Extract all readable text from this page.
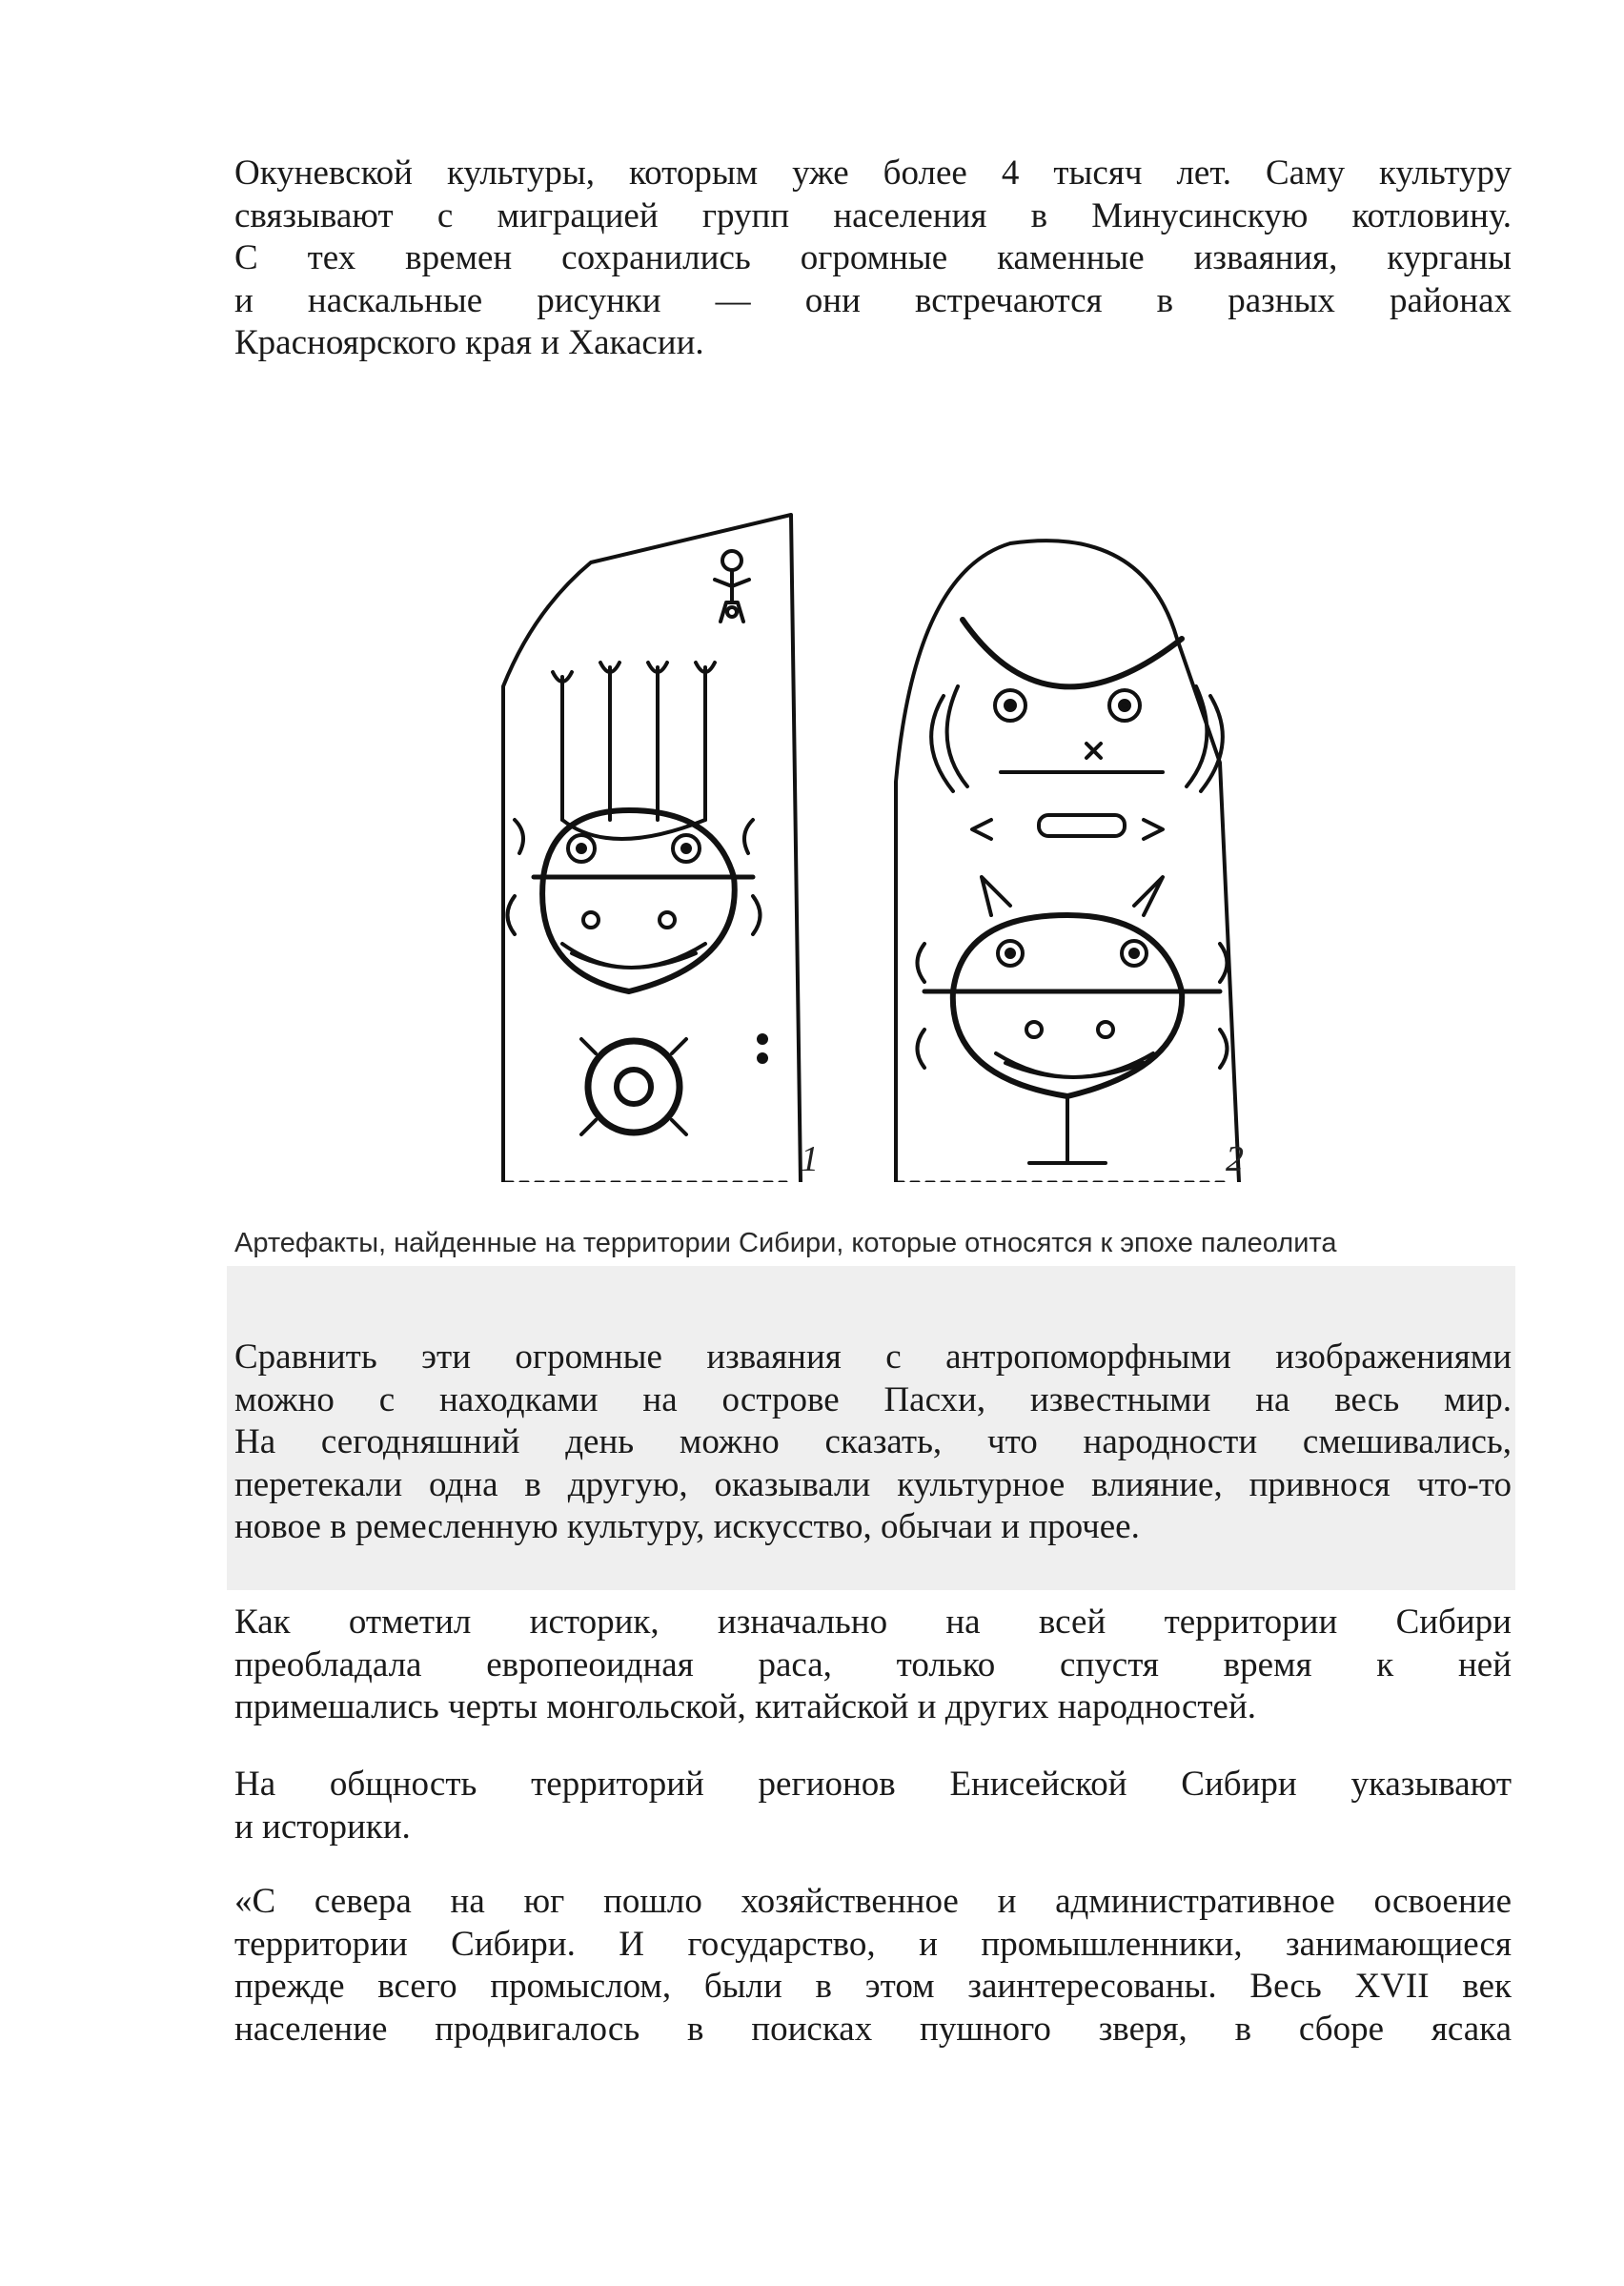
Окуневской культуры, которым уже более 4 тысяч лет. Саму культуру
связывают с миграцией групп населения в Минусинскую котловину.
С тех времен сохранились огромные каменные изваяния, курганы
и наскальные рисунки — они встречаются в разных районах
Красноярского края и Хакасии.
1	2
Артефакты, найденные на территории Сибири, которые относятся к эпохе палеолита
Сравнить эти огромные изваяния с антропоморфными изображениями
можно с находками на острове Пасхи, известными на весь мир.
На сегодняшний день можно сказать, что народности смешивались,
перетекали одна в другую, оказывали культурное влияние, привнося что-то
новое в ремесленную культуру, искусство, обычаи и прочее.
Как отметил историк, изначально на всей территории Сибири
преобладала европеоидная раса, только спустя время к ней
примешались черты монгольской, китайской и других народностей.
На общность территорий регионов Енисейской Сибири указывают
и историки.
«С севера на юг пошло хозяйственное и административное освоение
территории Сибири. И государство, и промышленники, занимающиеся
прежде всего промыслом, были в этом заинтересованы. Весь XVII век
население продвигалось в поисках пушного зверя, в сборе ясака
